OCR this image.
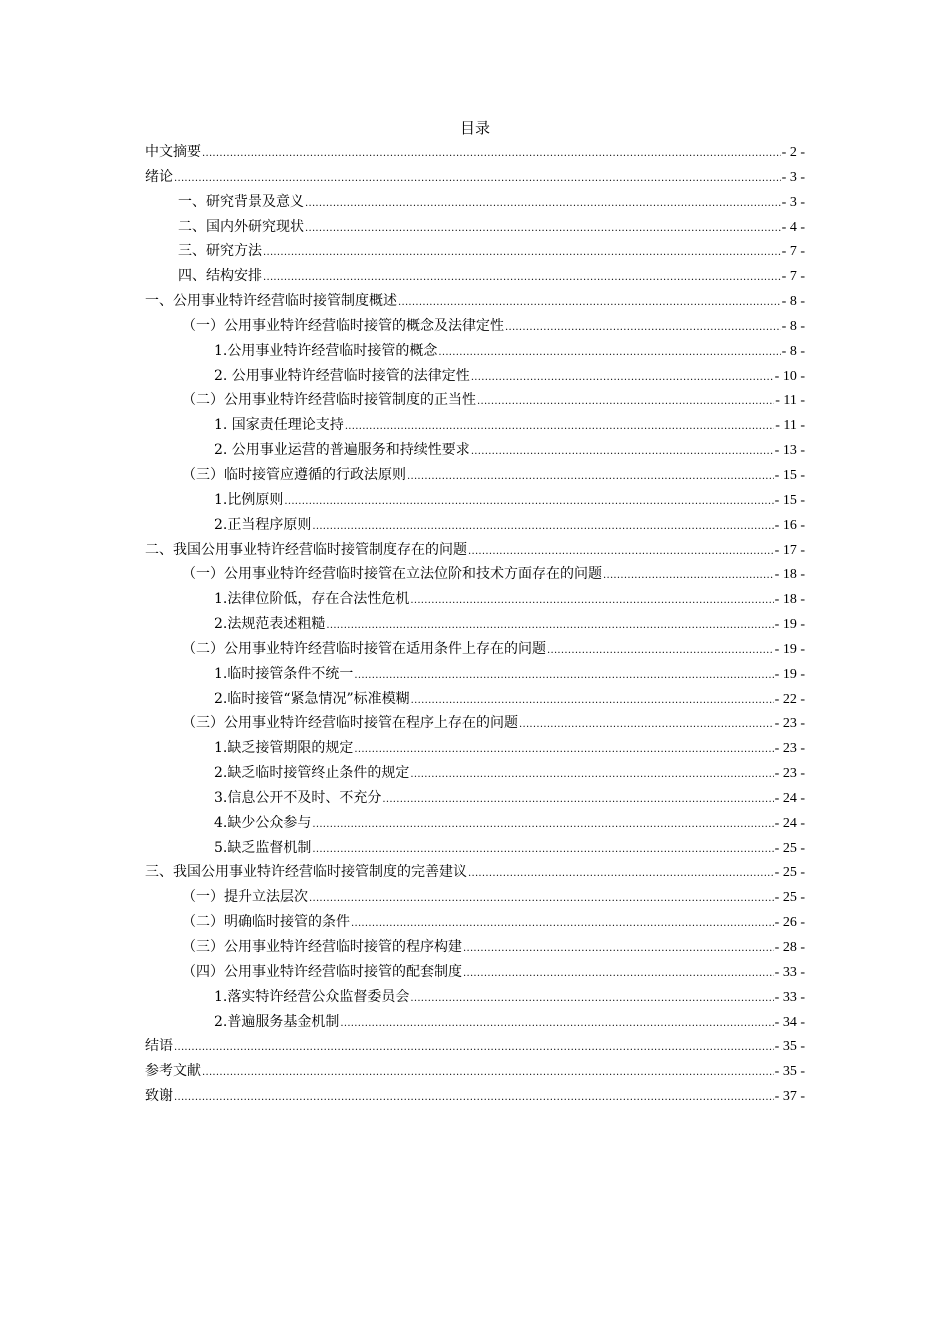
目录
中文摘要 .....	- 2 -
绪论 .....	- 3 -
一、研究背景及意义 .....	- 3 -
二、国内外研究现状 .....	- 4 -
三、研究方法 .....	- 7 -
四、结构安排 .....	- 7 -
一、公用事业特许经营临时接管制度概述 .....	- 8 -
（一）公用事业特许经营临时接管的概念及法律定性 .....	- 8 -
1.公用事业特许经营临时接管的概念 .....	- 8 -
2. 公用事业特许经营临时接管的法律定性 .....	- 10 -
（二）公用事业特许经营临时接管制度的正当性 .....	- 11 -
1. 国家责任理论支持 .....	- 11 -
2. 公用事业运营的普遍服务和持续性要求 .....	- 13 -
（三）临时接管应遵循的行政法原则 .....	- 15 -
1.比例原则 .....	- 15 -
2.正当程序原则 .....	- 16 -
二、我国公用事业特许经营临时接管制度存在的问题 .....	- 17 -
（一）公用事业特许经营临时接管在立法位阶和技术方面存在的问题 .....	- 18 -
1.法律位阶低，存在合法性危机 .....	- 18 -
2.法规范表述粗糙 .....	- 19 -
（二）公用事业特许经营临时接管在适用条件上存在的问题 .....	- 19 -
1.临时接管条件不统一 .....	- 19 -
2.临时接管“紧急情况”标准模糊 .....	- 22 -
（三）公用事业特许经营临时接管在程序上存在的问题 .....	- 23 -
1.缺乏接管期限的规定 .....	- 23 -
2.缺乏临时接管终止条件的规定 .....	- 23 -
3.信息公开不及时、不充分 .....	- 24 -
4.缺少公众参与 .....	- 24 -
5.缺乏监督机制 .....	- 25 -
三、我国公用事业特许经营临时接管制度的完善建议 .....	- 25 -
（一）提升立法层次 .....	- 25 -
（二）明确临时接管的条件 .....	- 26 -
（三）公用事业特许经营临时接管的程序构建 .....	- 28 -
（四）公用事业特许经营临时接管的配套制度 .....	- 33 -
1.落实特许经营公众监督委员会 .....	- 33 -
2.普遍服务基金机制 .....	- 34 -
结语 .....	- 35 -
参考文献 .....	- 35 -
致谢 .....	- 37 -
